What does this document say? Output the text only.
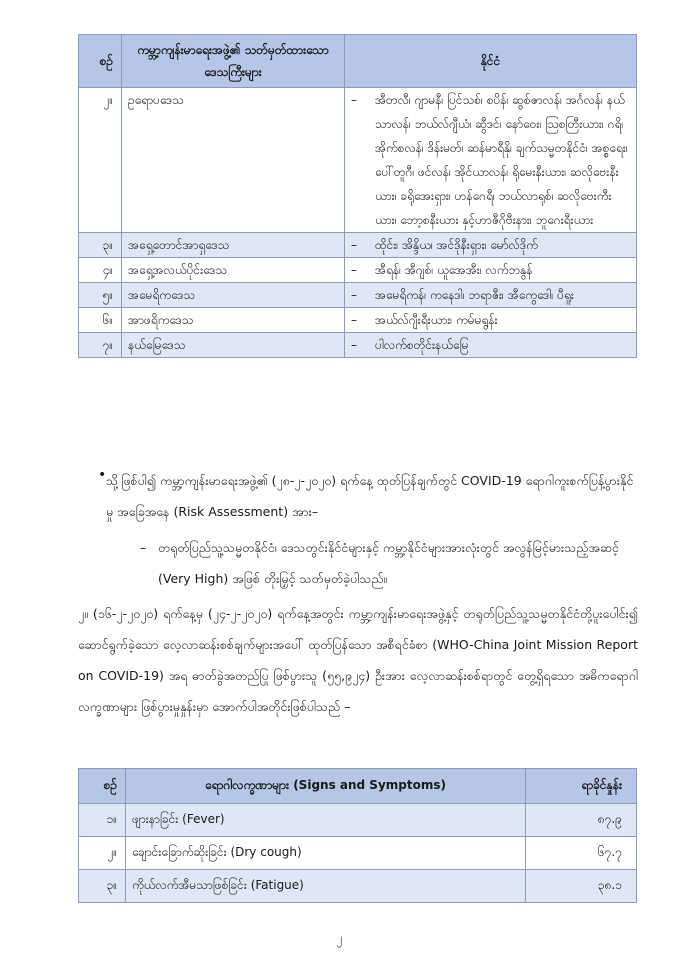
စဉ်	ကမ္ဘာ့ကျန်းမာရေးအဖွဲ့၏ သတ်မှတ်ထားသော ဒေသကြီးများ	နိုင်ငံ
၂။	ဥရောပဒေသ	– အီတလီ၊ ဂျာမနီ၊ ပြင်သစ်၊ စပိန်၊ ဆွစ်ဇာလန်၊ အင်္ဂလန်၊ နယ်သာလန်၊ ဘယ်လ်ဂျီယံ၊ ဆွီဒင်၊ နော်ဝေး၊ ဩစတြီးယား၊ ဂရိ၊ အိုက်စလန်၊ ဒိန်းမတ်၊ ဆန်မာရီနို၊ ချက်သမ္မတနိုင်ငံ၊ အစ္စရေး၊ ပေါ်တူဂီ၊ ဖင်လန်၊ အိုင်ယာလန်၊ ရိုမေးနီးယား၊ ဆလိုဗေးနီးယား၊ ခရိုအေးရှား၊ ဟန်ဂေရီ၊ ဘယ်လာရုစ်၊ ဆလိုဗေးကီးယား၊ ဘော့စနီးယား နှင့်ဟာဇီဂိုဗီးနား၊ ဘူဂေးရီးယား

၃။	အရှေ့တောင်အာရှဒေသ	– ထိုင်း၊ အိန္ဒိယ၊ အင်ဒိုနီးရှား၊ မော်လ်ဒိုက်

၄။	အရှေ့အလယ်ပိုင်းဒေသ	– အီရန်၊ အီဂျစ်၊ ယူအေအီး၊ လက်ဘနွန်

၅။	အမေရိကဒေသ	– အမေရိကန်၊ ကနေဒါ၊ ဘရာဇီး၊ အီကွေဒေါ၊ ပီရူး

၆။	အာဖရိကဒေသ	– အယ်လ်ဂျီးရီးယား၊ ကမ်မရွန်း

၇။	နယ်မြေဒေသ	– ပါလက်စတိုင်းနယ်မြေ
• သို့ဖြစ်ပါ၍ ကမ္ဘာ့ကျန်းမာရေးအဖွဲ့၏ (၂၈-၂-၂၀၂၀) ရက်နေ့ ထုတ်ပြန်ချက်တွင် COVID-19 ရောဂါကူးစက်ပြန့်ပွားနိုင်မှု အခြေအနေ (Risk Assessment) အား–
– တရုတ်ပြည်သူ့သမ္မတနိုင်ငံ၊ ဒေသတွင်းနိုင်ငံများနှင့် ကမ္ဘာ့နိုင်ငံများအားလုံးတွင် အလွန်မြင့်မားသည့်အဆင့် (Very High) အဖြစ် တိုးမြှင့် သတ်မှတ်ခဲ့ပါသည်။
၂။ (၁၆-၂-၂၀၂၀) ရက်နေ့မှ (၂၄-၂-၂၀၂၀) ရက်နေ့အတွင်း ကမ္ဘာ့ကျန်းမာရေးအဖွဲ့နှင့် တရုတ်ပြည်သူ့သမ္မတနိုင်ငံတို့ပူးပေါင်း၍ ဆောင်ရွက်ခဲ့သော လေ့လာဆန်းစစ်ချက်များအပေါ် ထုတ်ပြန်သော အစီရင်ခံစာ (WHO-China Joint Mission Report on COVID-19) အရ ဓာတ်ခွဲအတည်ပြု ဖြစ်ပွားသူ (၅၅,၉၂၄) ဦးအား လေ့လာဆန်းစစ်ရာတွင် တွေ့ရှိရသော အဓိကရောဂါလက္ခဏာများ ဖြစ်ပွားမှုနှုန်းမှာ အောက်ပါအတိုင်းဖြစ်ပါသည် –
စဉ်	ရောဂါလက္ခဏာများ (Signs and Symptoms)	ရာခိုင်နှုန်း
၁။	ဖျားနာခြင်း (Fever)	၈၇.၉
၂။	ချောင်းခြောက်ဆိုးခြင်း (Dry cough)	၆၇.၇
၃။	ကိုယ်လက်အီမသာဖြစ်ခြင်း (Fatigue)	၃၈.၁
၂
